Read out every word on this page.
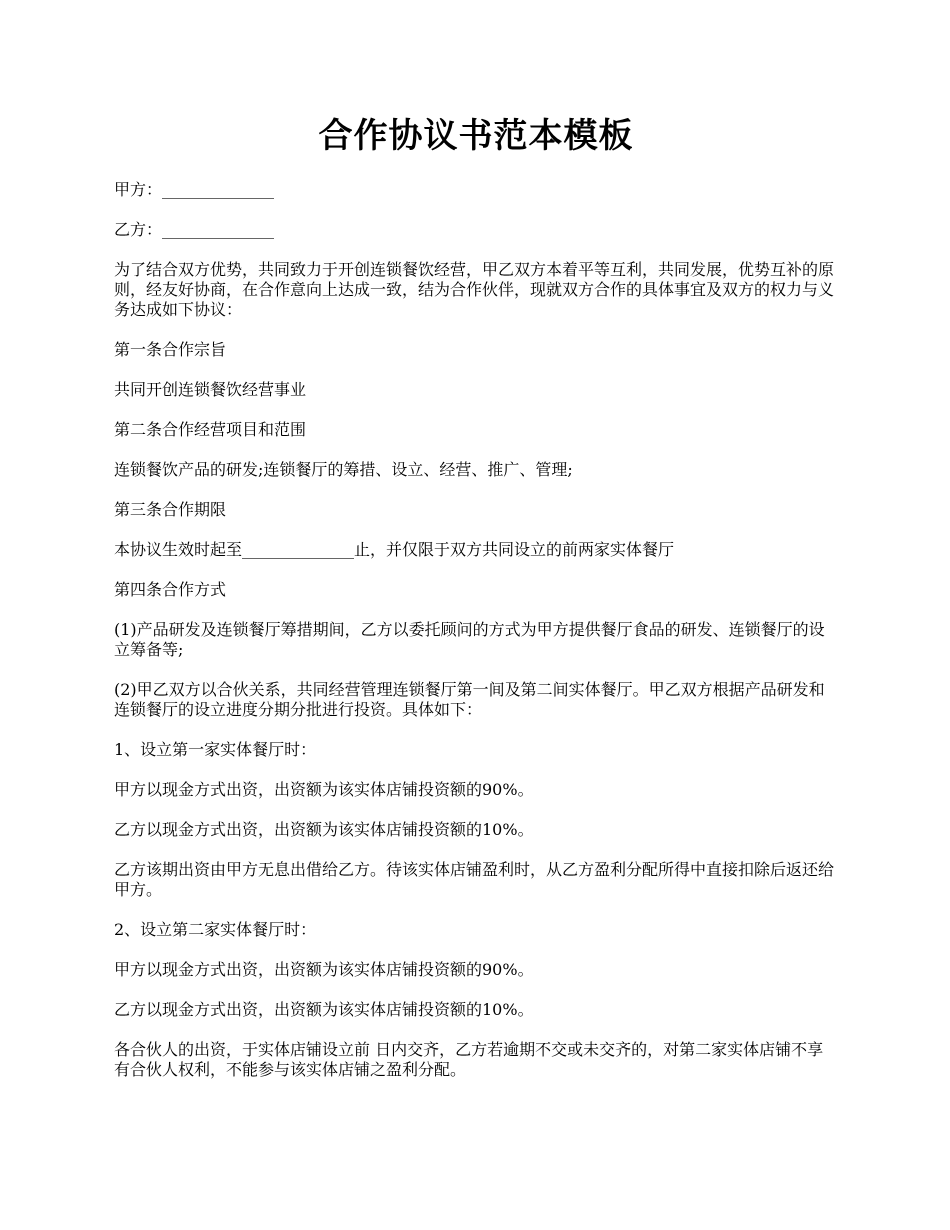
合作协议书范本模板

甲方：______________

乙方：______________

为了结合双方优势，共同致力于开创连锁餐饮经营，甲乙双方本着平等互利，共同发展，优势互补的原则，经友好协商，在合作意向上达成一致，结为合作伙伴，现就双方合作的具体事宜及双方的权力与义务达成如下协议：

第一条合作宗旨

共同开创连锁餐饮经营事业

第二条合作经营项目和范围

连锁餐饮产品的研发;连锁餐厅的筹措、设立、经营、推广、管理;

第三条合作期限

本协议生效时起至______________止，并仅限于双方共同设立的前两家实体餐厅

第四条合作方式

(1)产品研发及连锁餐厅筹措期间，乙方以委托顾问的方式为甲方提供餐厅食品的研发、连锁餐厅的设立筹备等;

(2)甲乙双方以合伙关系，共同经营管理连锁餐厅第一间及第二间实体餐厅。甲乙双方根据产品研发和连锁餐厅的设立进度分期分批进行投资。具体如下：

1、设立第一家实体餐厅时：

甲方以现金方式出资，出资额为该实体店铺投资额的90%。

乙方以现金方式出资，出资额为该实体店铺投资额的10%。

乙方该期出资由甲方无息出借给乙方。待该实体店铺盈利时，从乙方盈利分配所得中直接扣除后返还给甲方。

2、设立第二家实体餐厅时：

甲方以现金方式出资，出资额为该实体店铺投资额的90%。

乙方以现金方式出资，出资额为该实体店铺投资额的10%。

各合伙人的出资，于实体店铺设立前 日内交齐，乙方若逾期不交或未交齐的，对第二家实体店铺不享有合伙人权利，不能参与该实体店铺之盈利分配。
